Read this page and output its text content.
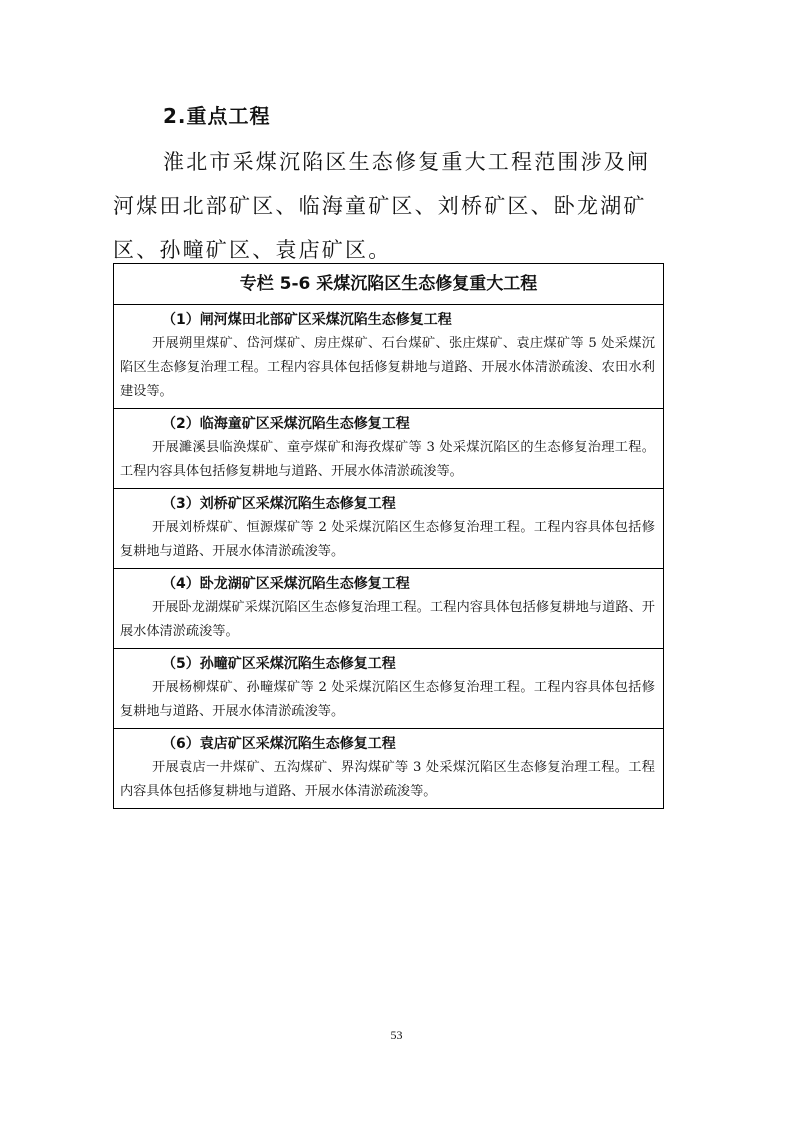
2.重点工程
淮北市采煤沉陷区生态修复重大工程范围涉及闸河煤田北部矿区、临海童矿区、刘桥矿区、卧龙湖矿区、孙疃矿区、袁店矿区。
专栏 5-6 采煤沉陷区生态修复重大工程
（1）闸河煤田北部矿区采煤沉陷生态修复工程
开展朔里煤矿、岱河煤矿、房庄煤矿、石台煤矿、张庄煤矿、袁庄煤矿等 5 处采煤沉陷区生态修复治理工程。工程内容具体包括修复耕地与道路、开展水体清淤疏浚、农田水利建设等。
（2）临海童矿区采煤沉陷生态修复工程
开展濉溪县临涣煤矿、童亭煤矿和海孜煤矿等 3 处采煤沉陷区的生态修复治理工程。工程内容具体包括修复耕地与道路、开展水体清淤疏浚等。
（3）刘桥矿区采煤沉陷生态修复工程
开展刘桥煤矿、恒源煤矿等 2 处采煤沉陷区生态修复治理工程。工程内容具体包括修复耕地与道路、开展水体清淤疏浚等。
（4）卧龙湖矿区采煤沉陷生态修复工程
开展卧龙湖煤矿采煤沉陷区生态修复治理工程。工程内容具体包括修复耕地与道路、开展水体清淤疏浚等。
（5）孙疃矿区采煤沉陷生态修复工程
开展杨柳煤矿、孙疃煤矿等 2 处采煤沉陷区生态修复治理工程。工程内容具体包括修复耕地与道路、开展水体清淤疏浚等。
（6）袁店矿区采煤沉陷生态修复工程
开展袁店一井煤矿、五沟煤矿、界沟煤矿等 3 处采煤沉陷区生态修复治理工程。工程内容具体包括修复耕地与道路、开展水体清淤疏浚等。
53
